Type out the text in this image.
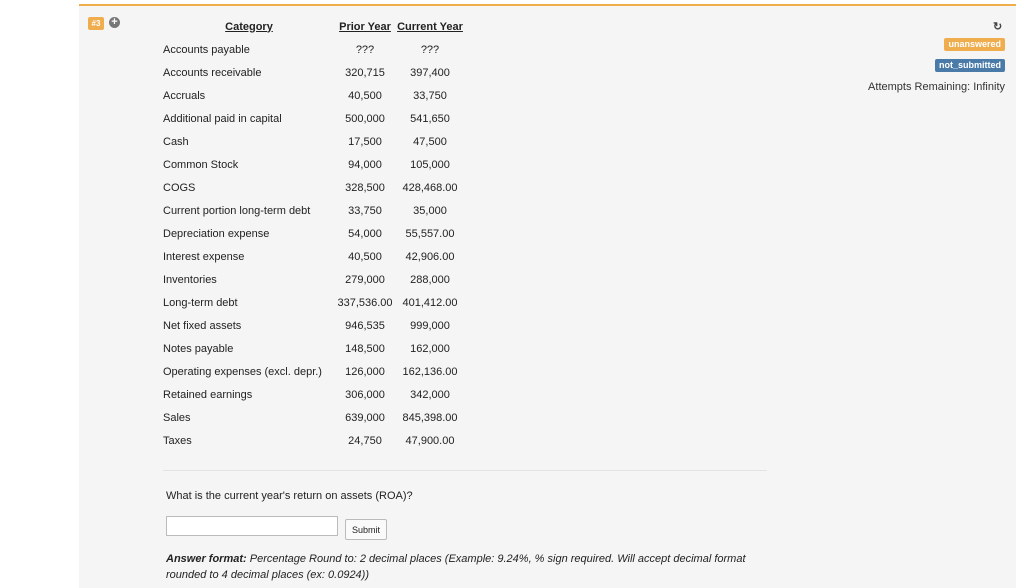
#3 +	↻
unanswered
not_submitted
Attempts Remaining: Infinity
Category	Prior Year	Current Year
Accounts payable	???	???
Accounts receivable	320,715	397,400
Accruals	40,500	33,750
Additional paid in capital	500,000	541,650
Cash	17,500	47,500
Common Stock	94,000	105,000
COGS	328,500	428,468.00
Current portion long-term debt	33,750	35,000
Depreciation expense	54,000	55,557.00
Interest expense	40,500	42,906.00
Inventories	279,000	288,000
Long-term debt	337,536.00	401,412.00
Net fixed assets	946,535	999,000
Notes payable	148,500	162,000
Operating expenses (excl. depr.)	126,000	162,136.00
Retained earnings	306,000	342,000
Sales	639,000	845,398.00
Taxes	24,750	47,900.00
What is the current year's return on assets (ROA)?
Submit
Answer format: Percentage Round to: 2 decimal places (Example: 9.24%, % sign required. Will accept decimal format rounded to 4 decimal places (ex: 0.0924))
